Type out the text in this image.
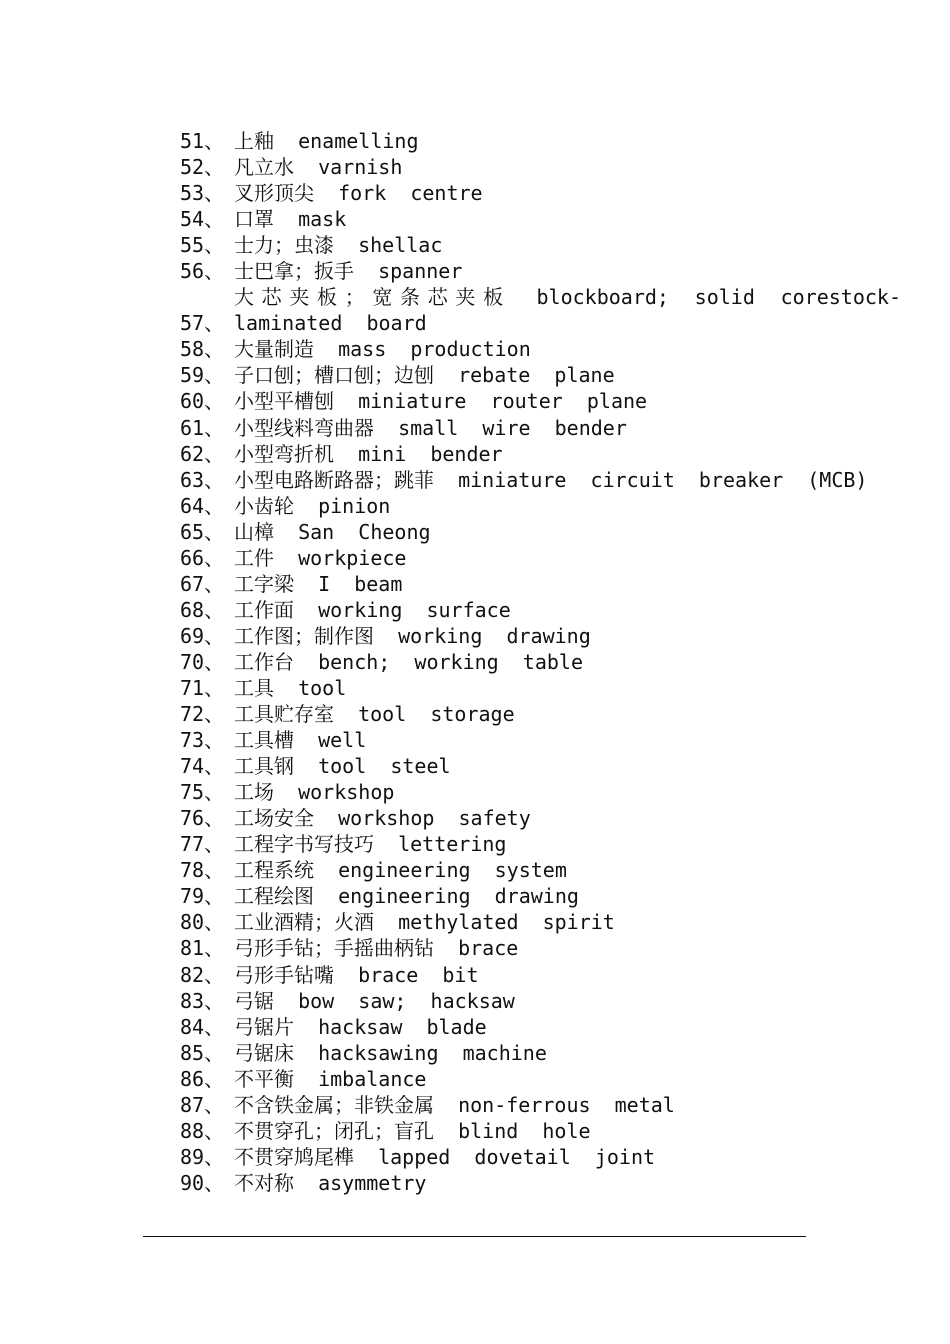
51、 上釉  enamelling
52、 凡立水  varnish
53、 叉形顶尖  fork  centre
54、 口罩  mask
55、 士力；虫漆  shellac
56、 士巴拿；扳手  spanner
大芯夹板；宽条芯夹板 blockboard; solid corestock-
57、 laminated  board
58、 大量制造  mass  production
59、 子口刨；槽口刨；边刨  rebate  plane
60、 小型平槽刨  miniature  router  plane
61、 小型线料弯曲器  small  wire  bender
62、 小型弯折机  mini  bender
63、 小型电路断路器；跳菲  miniature  circuit  breaker  (MCB)
64、 小齿轮  pinion
65、 山樟  San  Cheong
66、 工件  workpiece
67、 工字梁  I  beam
68、 工作面  working  surface
69、 工作图；制作图  working  drawing
70、 工作台  bench;  working  table
71、 工具  tool
72、 工具贮存室  tool  storage
73、 工具槽  well
74、 工具钢  tool  steel
75、 工场  workshop
76、 工场安全  workshop  safety
77、 工程字书写技巧  lettering
78、 工程系统  engineering  system
79、 工程绘图  engineering  drawing
80、 工业酒精；火酒  methylated  spirit
81、 弓形手钻；手摇曲柄钻  brace
82、 弓形手钻嘴  brace  bit
83、 弓锯  bow  saw;  hacksaw
84、 弓锯片  hacksaw  blade
85、 弓锯床  hacksawing  machine
86、 不平衡  imbalance
87、 不含铁金属；非铁金属  non-ferrous  metal
88、 不贯穿孔；闭孔；盲孔  blind  hole
89、 不贯穿鸠尾榫  lapped  dovetail  joint
90、 不对称  asymmetry
